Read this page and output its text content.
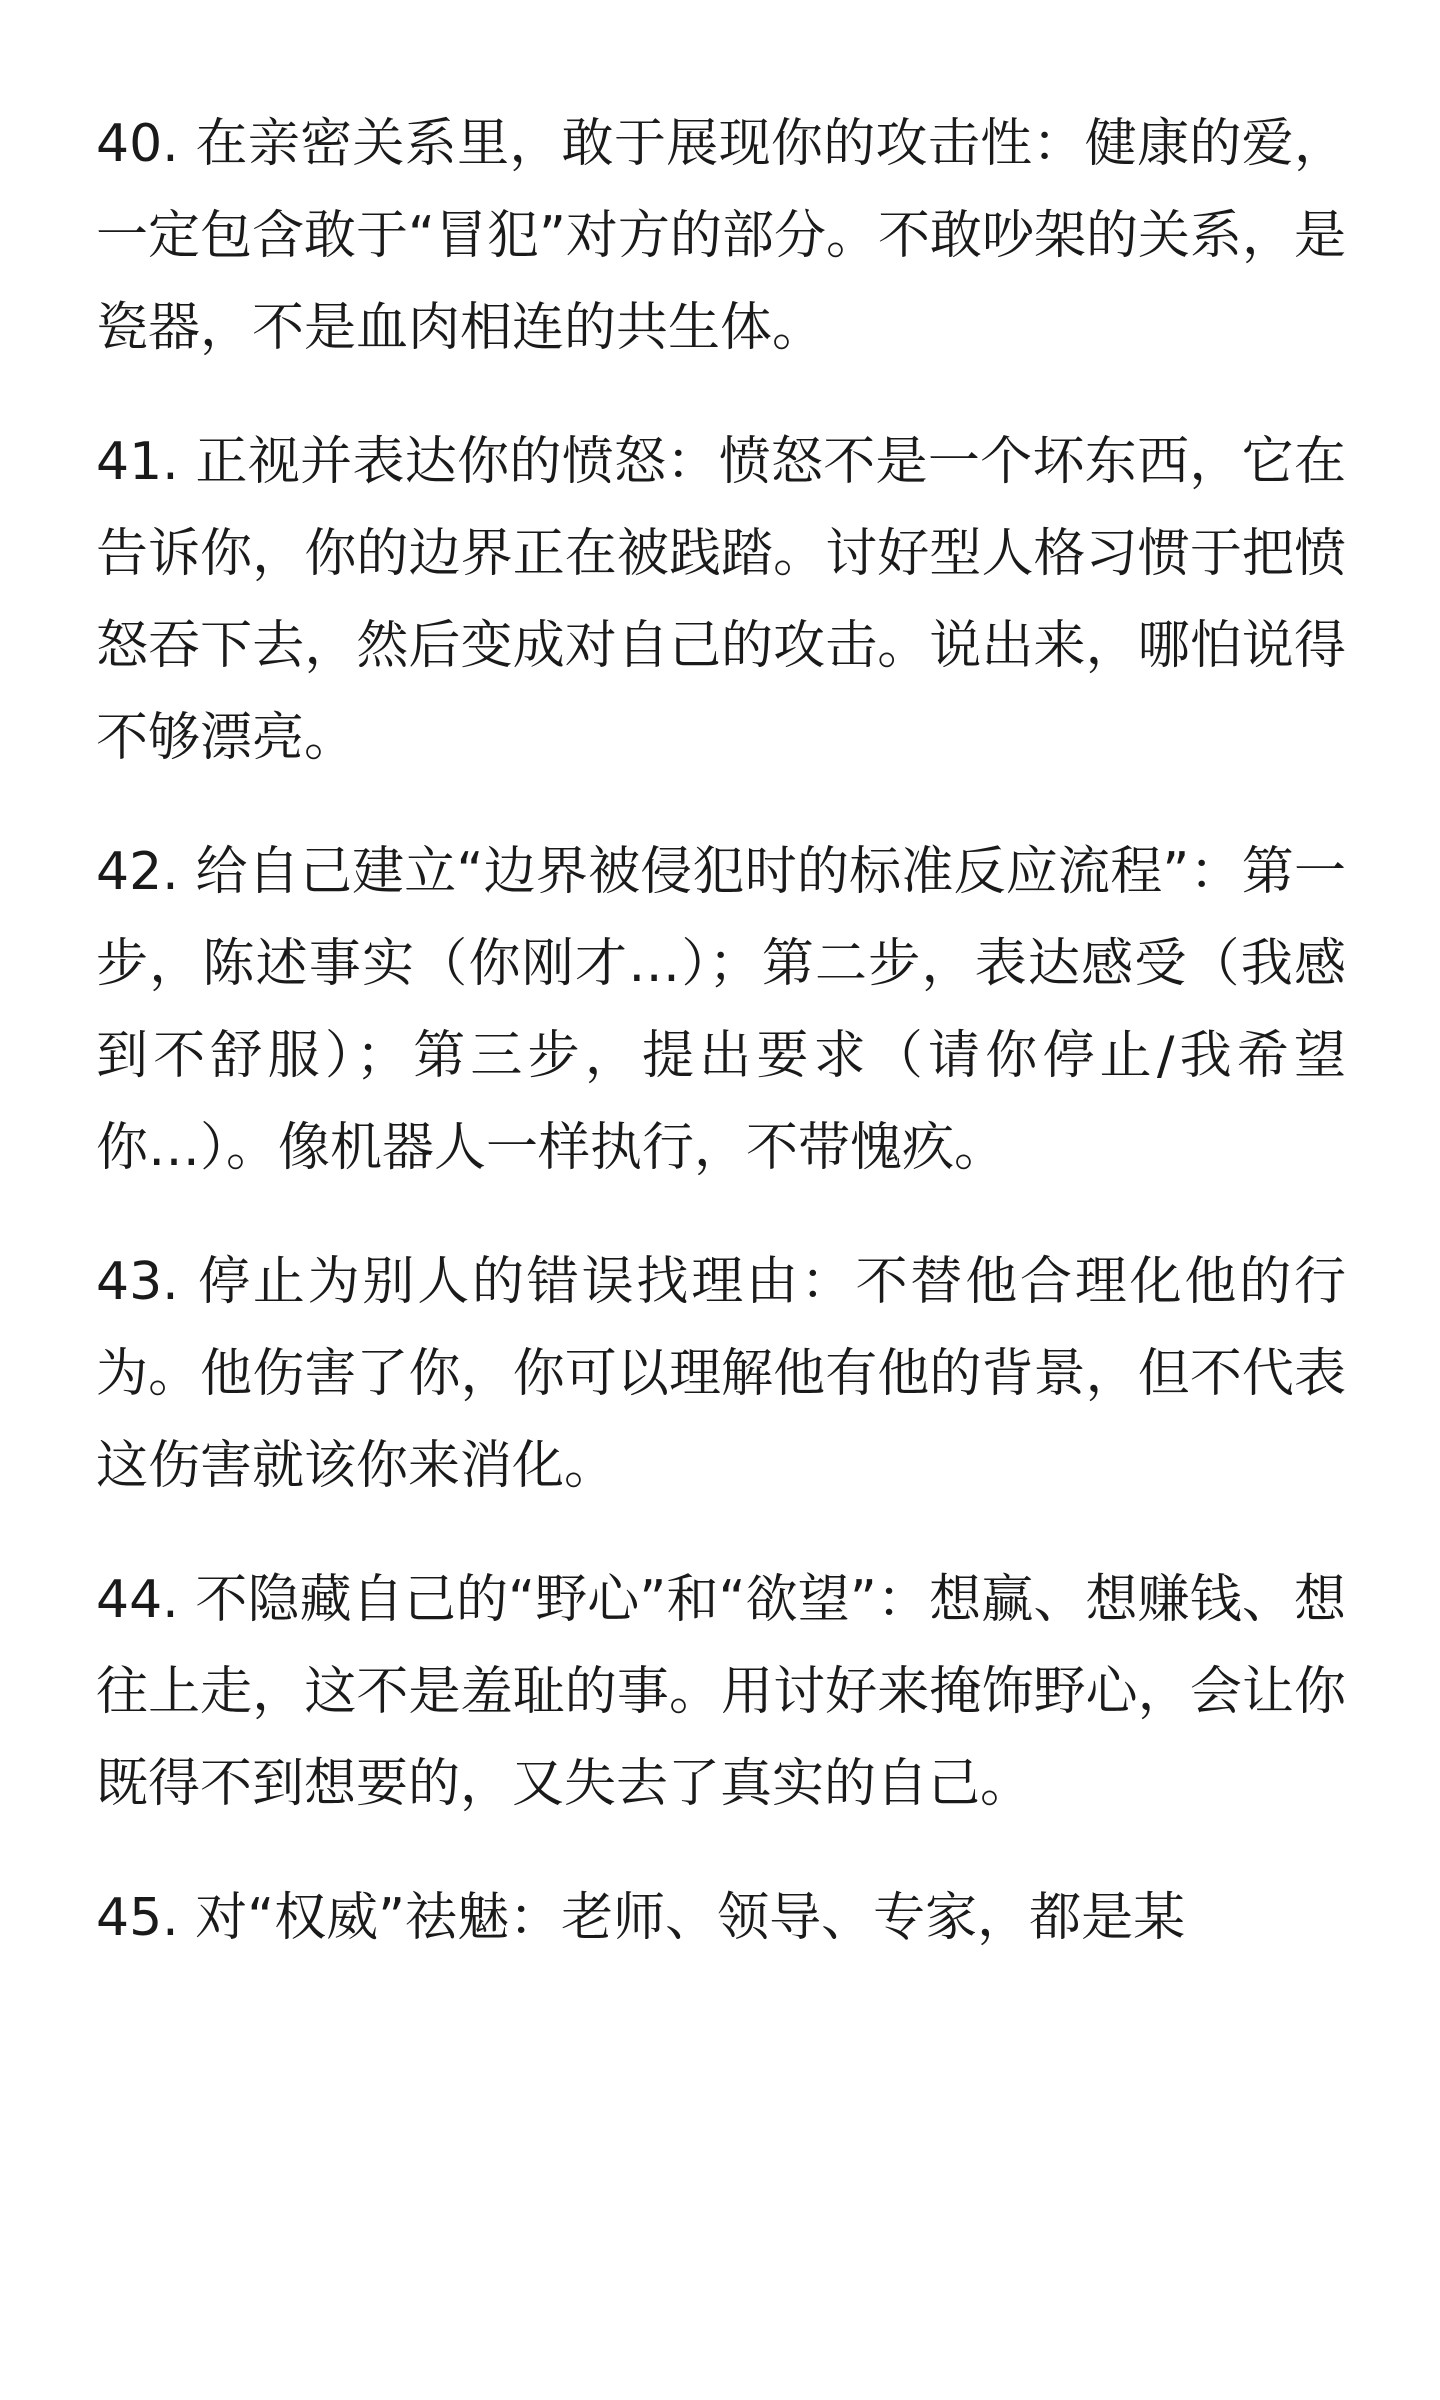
40. 在亲密关系里，敢于展现你的攻击性：健康的爱，一定包含敢于“冒犯”对方的部分。不敢吵架的关系，是瓷器，不是血肉相连的共生体。

41. 正视并表达你的愤怒：愤怒不是一个坏东西，它在告诉你，你的边界正在被践踏。讨好型人格习惯于把愤怒吞下去，然后变成对自己的攻击。说出来，哪怕说得不够漂亮。

42. 给自己建立“边界被侵犯时的标准反应流程”：第一步，陈述事实（你刚才…）；第二步，表达感受（我感到不舒服）；第三步，提出要求（请你停止/我希望你…）。像机器人一样执行，不带愧疚。

43. 停止为别人的错误找理由：不替他合理化他的行为。他伤害了你，你可以理解他有他的背景，但不代表这伤害就该你来消化。

44. 不隐藏自己的“野心”和“欲望”：想赢、想赚钱、想往上走，这不是羞耻的事。用讨好来掩饰野心，会让你既得不到想要的，又失去了真实的自己。

45. 对“权威”祛魅：老师、领导、专家，都是某
